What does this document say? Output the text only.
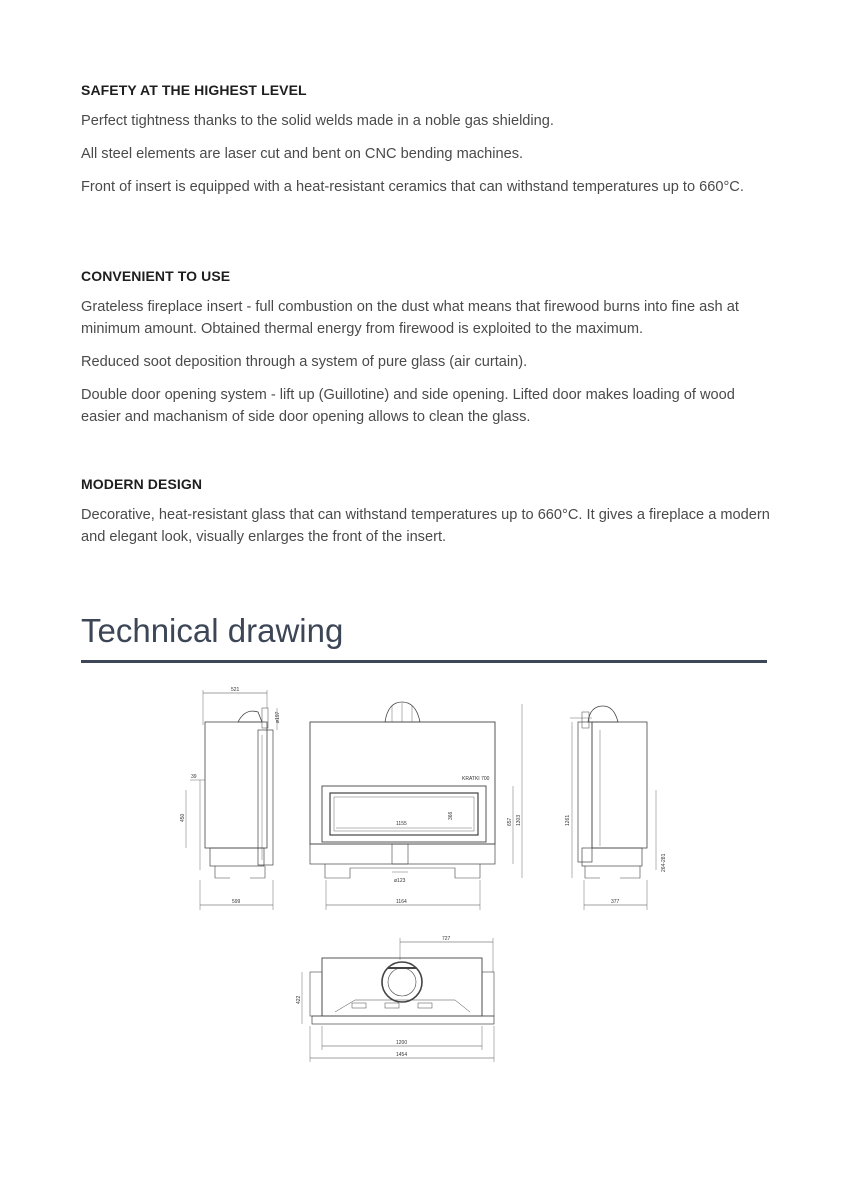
SAFETY AT THE HIGHEST LEVEL

Perfect tightness thanks to the solid welds made in a noble gas shielding.

All steel elements are laser cut and bent on CNC bending machines.

Front of insert is equipped with a heat-resistant ceramics that can withstand temperatures up to 660°C.

CONVENIENT TO USE

Grateless fireplace insert - full combustion on the dust what means that firewood burns into fine ash at minimum amount. Obtained thermal energy from firewood is exploited to the maximum.

Reduced soot deposition through a system of pure glass (air curtain).

Double door opening system - lift up (Guillotine) and side opening. Lifted door makes loading of wood easier and machanism of side door opening allows to clean the glass.

MODERN DESIGN

Decorative, heat-resistant glass that can withstand temperatures up to 660°C. It gives a fireplace a modern and elegant look, visually enlarges the front of the insert.

Technical drawing
521
ø197
39
450
599
KRATKI 700
1155
366
ø123
657 1303
1164
1261
264-281
377
727
422
1200
1454
